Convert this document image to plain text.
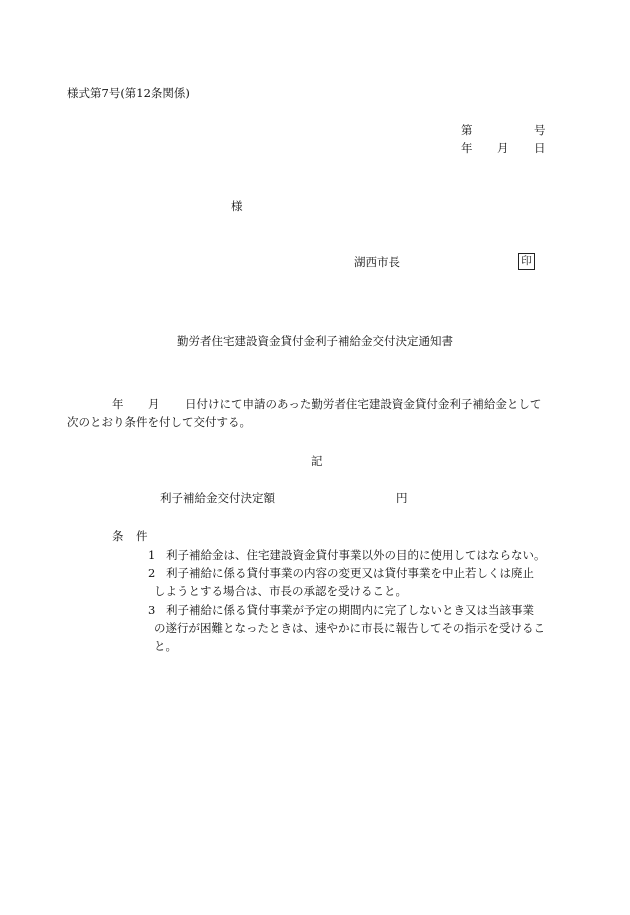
様式第7号(第12条関係)
第	号
年 月 日
様
湖西市長	印
勤労者住宅建設資金貸付金利子補給金交付決定通知書
年 月 日付けにて申請のあった勤労者住宅建設資金貸付金利子補給金として
次のとおり条件を付して交付する。
記
利子補給金交付決定額	円
条 件
1 利子補給金は、住宅建設資金貸付事業以外の目的に使用してはならない。
2 利子補給に係る貸付事業の内容の変更又は貸付事業を中止若しくは廃止
しようとする場合は、市長の承認を受けること。
3 利子補給に係る貸付事業が予定の期間内に完了しないとき又は当該事業
の遂行が困難となったときは、速やかに市長に報告してその指示を受けるこ
と。
